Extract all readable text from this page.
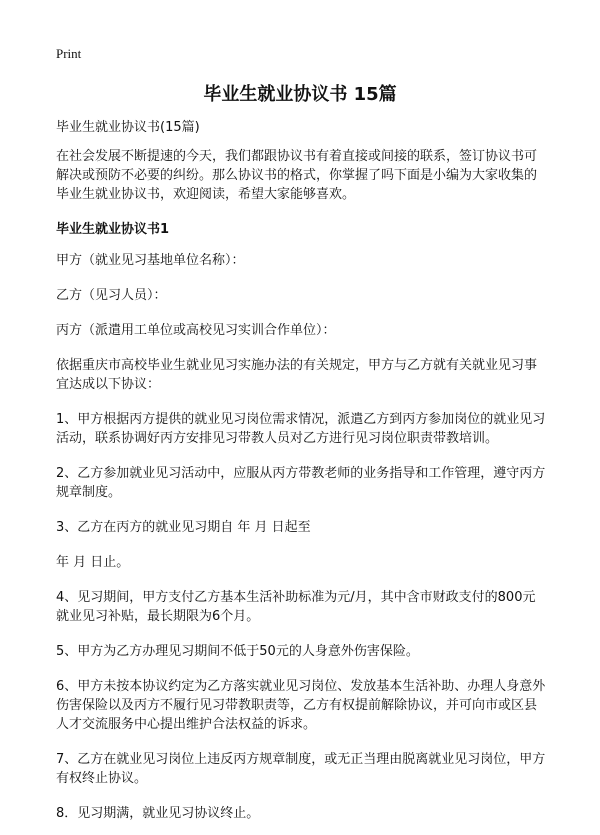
Print
毕业生就业协议书 15篇

毕业生就业协议书(15篇)

在社会发展不断提速的今天，我们都跟协议书有着直接或间接的联系，签订协议书可解决或预防不必要的纠纷。那么协议书的格式，你掌握了吗下面是小编为大家收集的毕业生就业协议书，欢迎阅读，希望大家能够喜欢。

毕业生就业协议书1

甲方（就业见习基地单位名称）：

乙方（见习人员）：

丙方（派遣用工单位或高校见习实训合作单位）：

依据重庆市高校毕业生就业见习实施办法的有关规定，甲方与乙方就有关就业见习事宜达成以下协议：

1、甲方根据丙方提供的就业见习岗位需求情况，派遣乙方到丙方参加岗位的就业见习活动，联系协调好丙方安排见习带教人员对乙方进行见习岗位职责带教培训。

2、乙方参加就业见习活动中，应服从丙方带教老师的业务指导和工作管理，遵守丙方规章制度。

3、乙方在丙方的就业见习期自 年 月 日起至

年 月 日止。

4、见习期间，甲方支付乙方基本生活补助标准为元/月，其中含市财政支付的800元就业见习补贴，最长期限为6个月。

5、甲方为乙方办理见习期间不低于50元的人身意外伤害保险。

6、甲方未按本协议约定为乙方落实就业见习岗位、发放基本生活补助、办理人身意外伤害保险以及丙方不履行见习带教职责等，乙方有权提前解除协议，并可向市或区县人才交流服务中心提出维护合法权益的诉求。

7、乙方在就业见习岗位上违反丙方规章制度，或无正当理由脱离就业见习岗位，甲方有权终止协议。

8．见习期满，就业见习协议终止。
